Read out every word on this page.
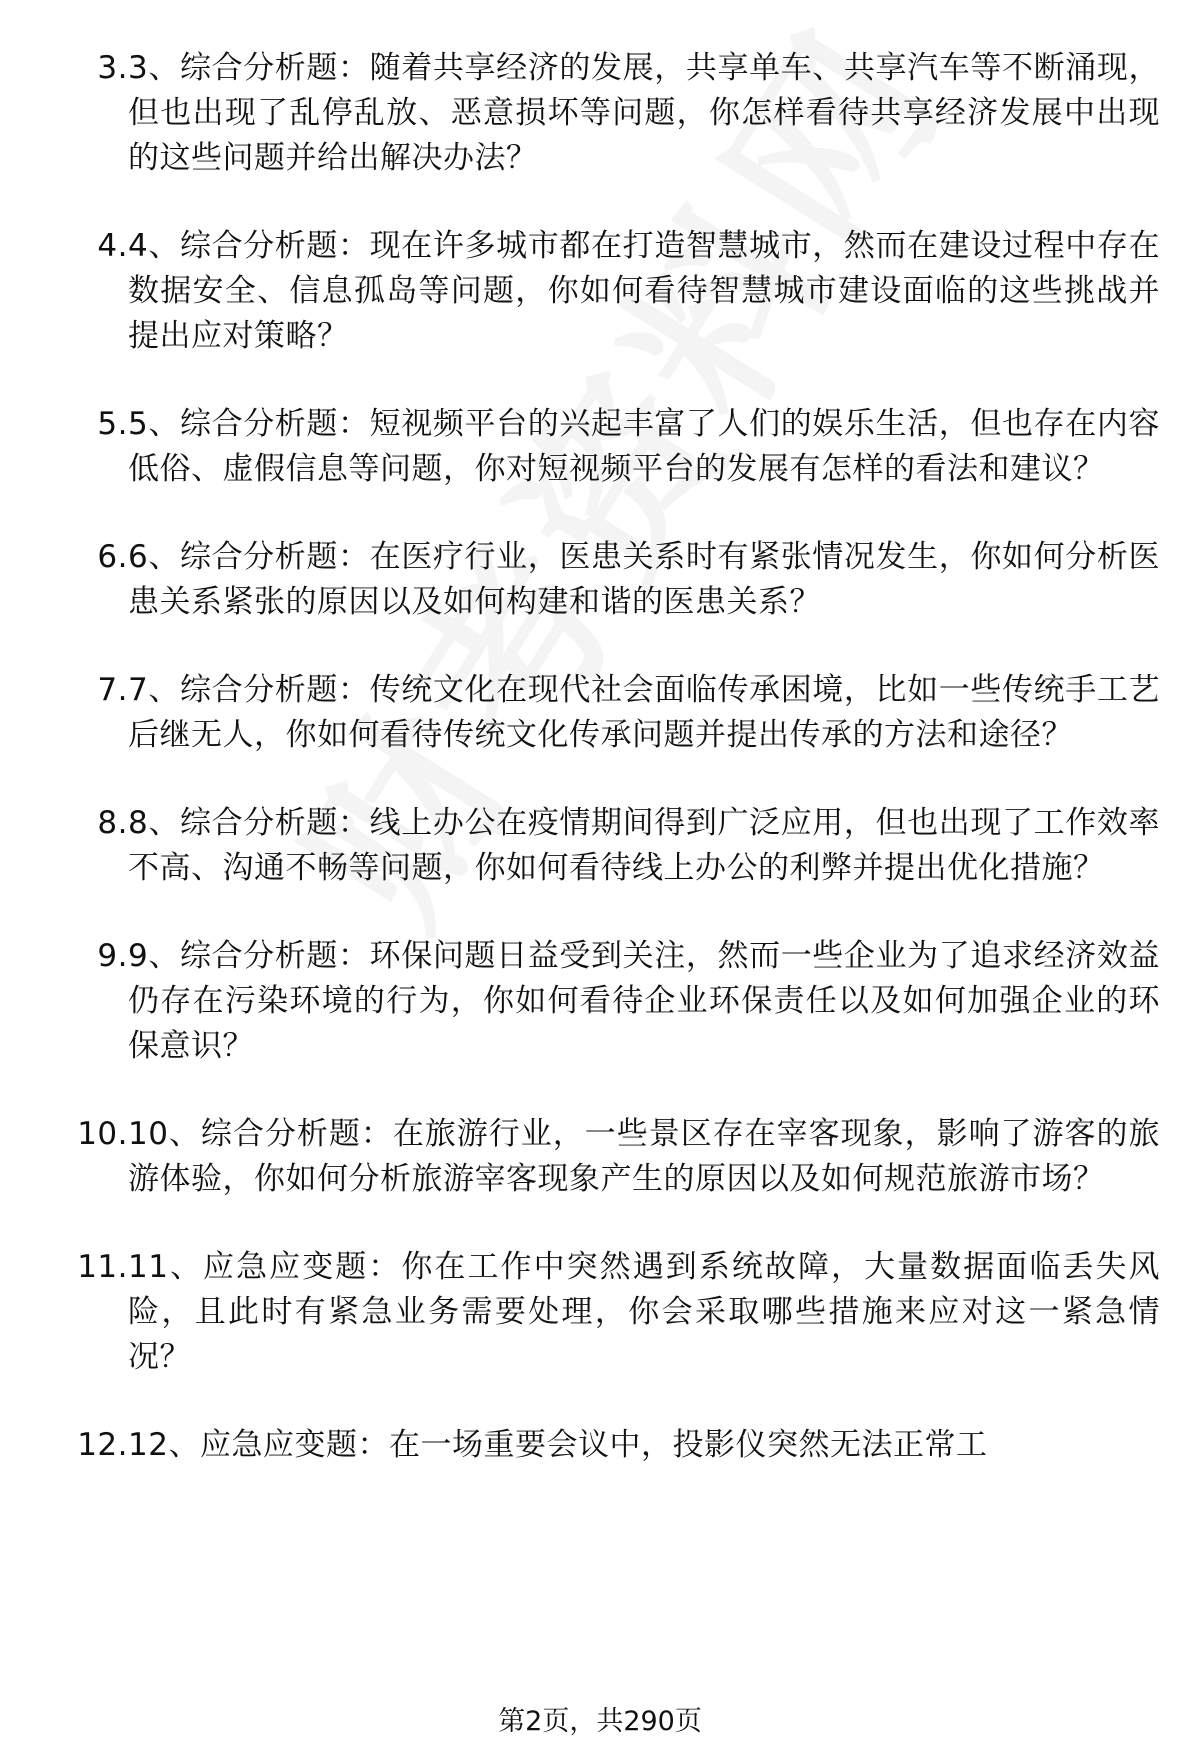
3. 3、综合分析题：随着共享经济的发展，共享单车、共享汽车等不断涌现，但也出现了乱停乱放、恶意损坏等问题，你怎样看待共享经济发展中出现的这些问题并给出解决办法？
4. 4、综合分析题：现在许多城市都在打造智慧城市，然而在建设过程中存在数据安全、信息孤岛等问题，你如何看待智慧城市建设面临的这些挑战并提出应对策略？
5. 5、综合分析题：短视频平台的兴起丰富了人们的娱乐生活，但也存在内容低俗、虚假信息等问题，你对短视频平台的发展有怎样的看法和建议？
6. 6、综合分析题：在医疗行业，医患关系时有紧张情况发生，你如何分析医患关系紧张的原因以及如何构建和谐的医患关系？
7. 7、综合分析题：传统文化在现代社会面临传承困境，比如一些传统手工艺后继无人，你如何看待传统文化传承问题并提出传承的方法和途径？
8. 8、综合分析题：线上办公在疫情期间得到广泛应用，但也出现了工作效率不高、沟通不畅等问题，你如何看待线上办公的利弊并提出优化措施？
9. 9、综合分析题：环保问题日益受到关注，然而一些企业为了追求经济效益仍存在污染环境的行为，你如何看待企业环保责任以及如何加强企业的环保意识？
10. 10、综合分析题：在旅游行业，一些景区存在宰客现象，影响了游客的旅游体验，你如何分析旅游宰客现象产生的原因以及如何规范旅游市场？
11. 11、应急应变题：你在工作中突然遇到系统故障，大量数据面临丢失风险，且此时有紧急业务需要处理，你会采取哪些措施来应对这一紧急情况？
12. 12、应急应变题：在一场重要会议中，投影仪突然无法正常工
第2页，共290页
